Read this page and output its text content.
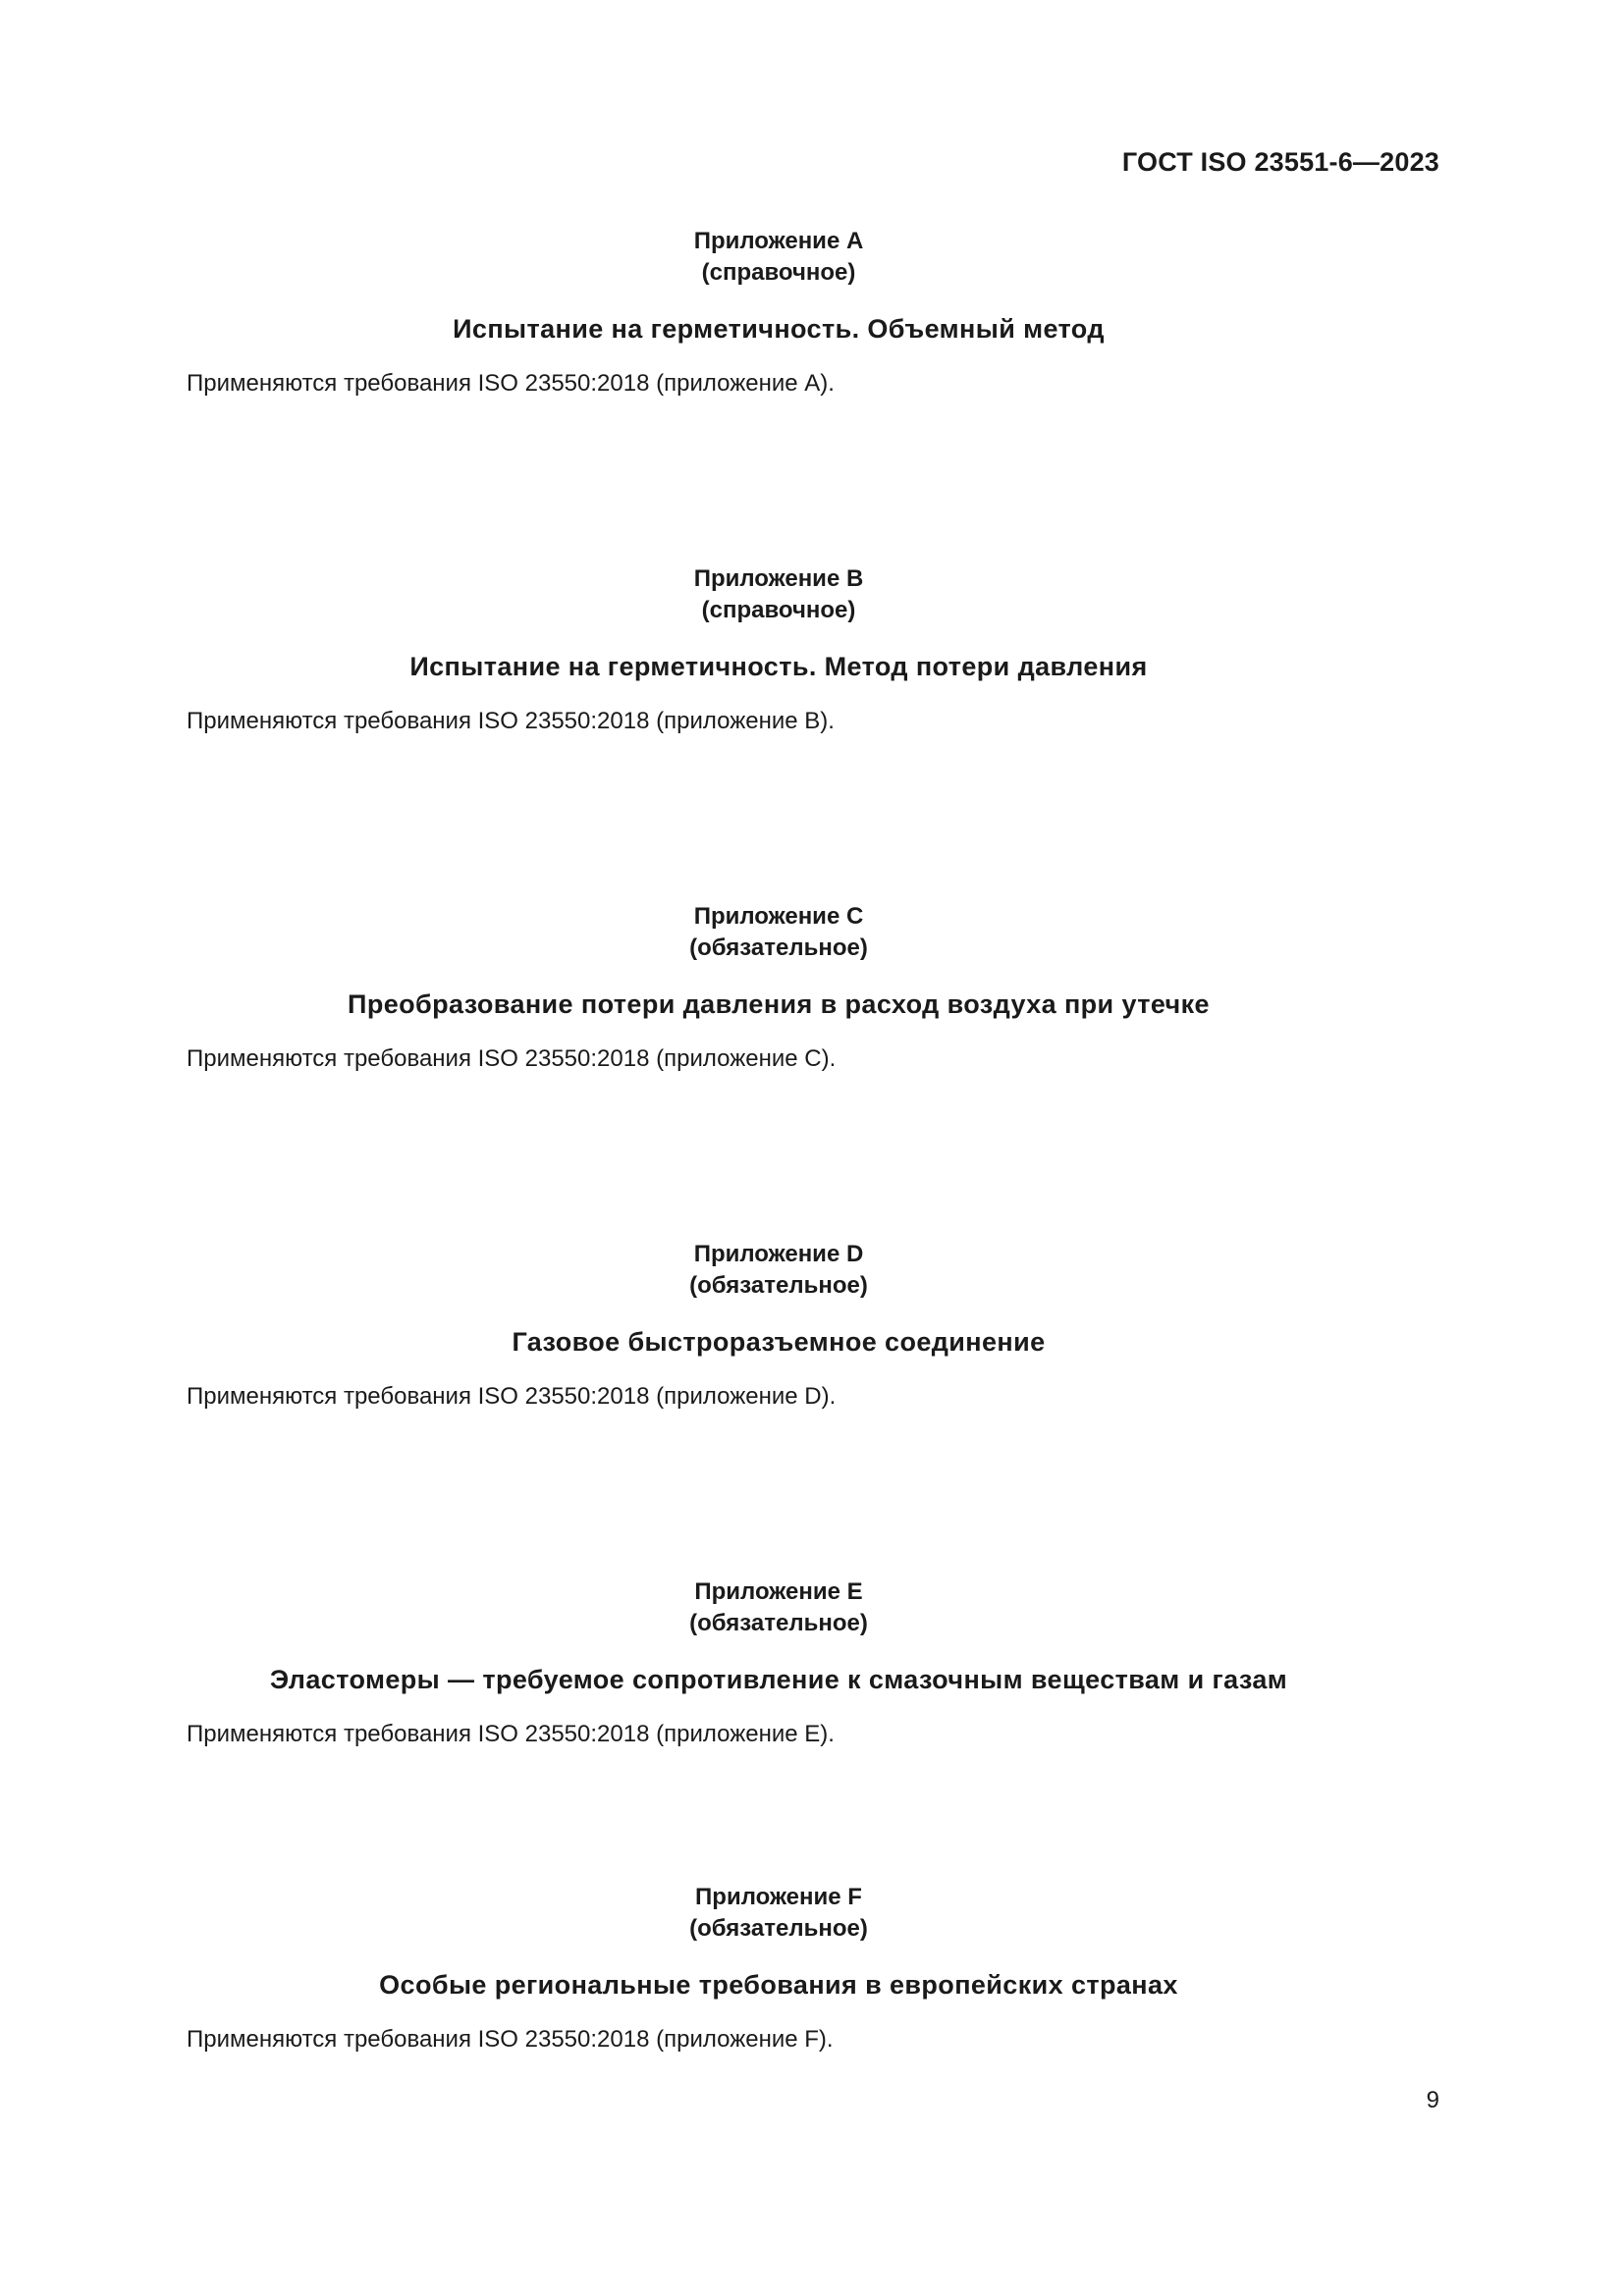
ГОСТ ISO 23551-6—2023
Приложение A
(справочное)
Испытание на герметичность. Объемный метод
Применяются требования ISO 23550:2018 (приложение A).
Приложение B
(справочное)
Испытание на герметичность. Метод потери давления
Применяются требования ISO 23550:2018 (приложение B).
Приложение C
(обязательное)
Преобразование потери давления в расход воздуха при утечке
Применяются требования ISO 23550:2018 (приложение C).
Приложение D
(обязательное)
Газовое быстроразъемное соединение
Применяются требования ISO 23550:2018 (приложение D).
Приложение E
(обязательное)
Эластомеры — требуемое сопротивление к смазочным веществам и газам
Применяются требования ISO 23550:2018 (приложение E).
Приложение F
(обязательное)
Особые региональные требования в европейских странах
Применяются требования ISO 23550:2018 (приложение F).
9
